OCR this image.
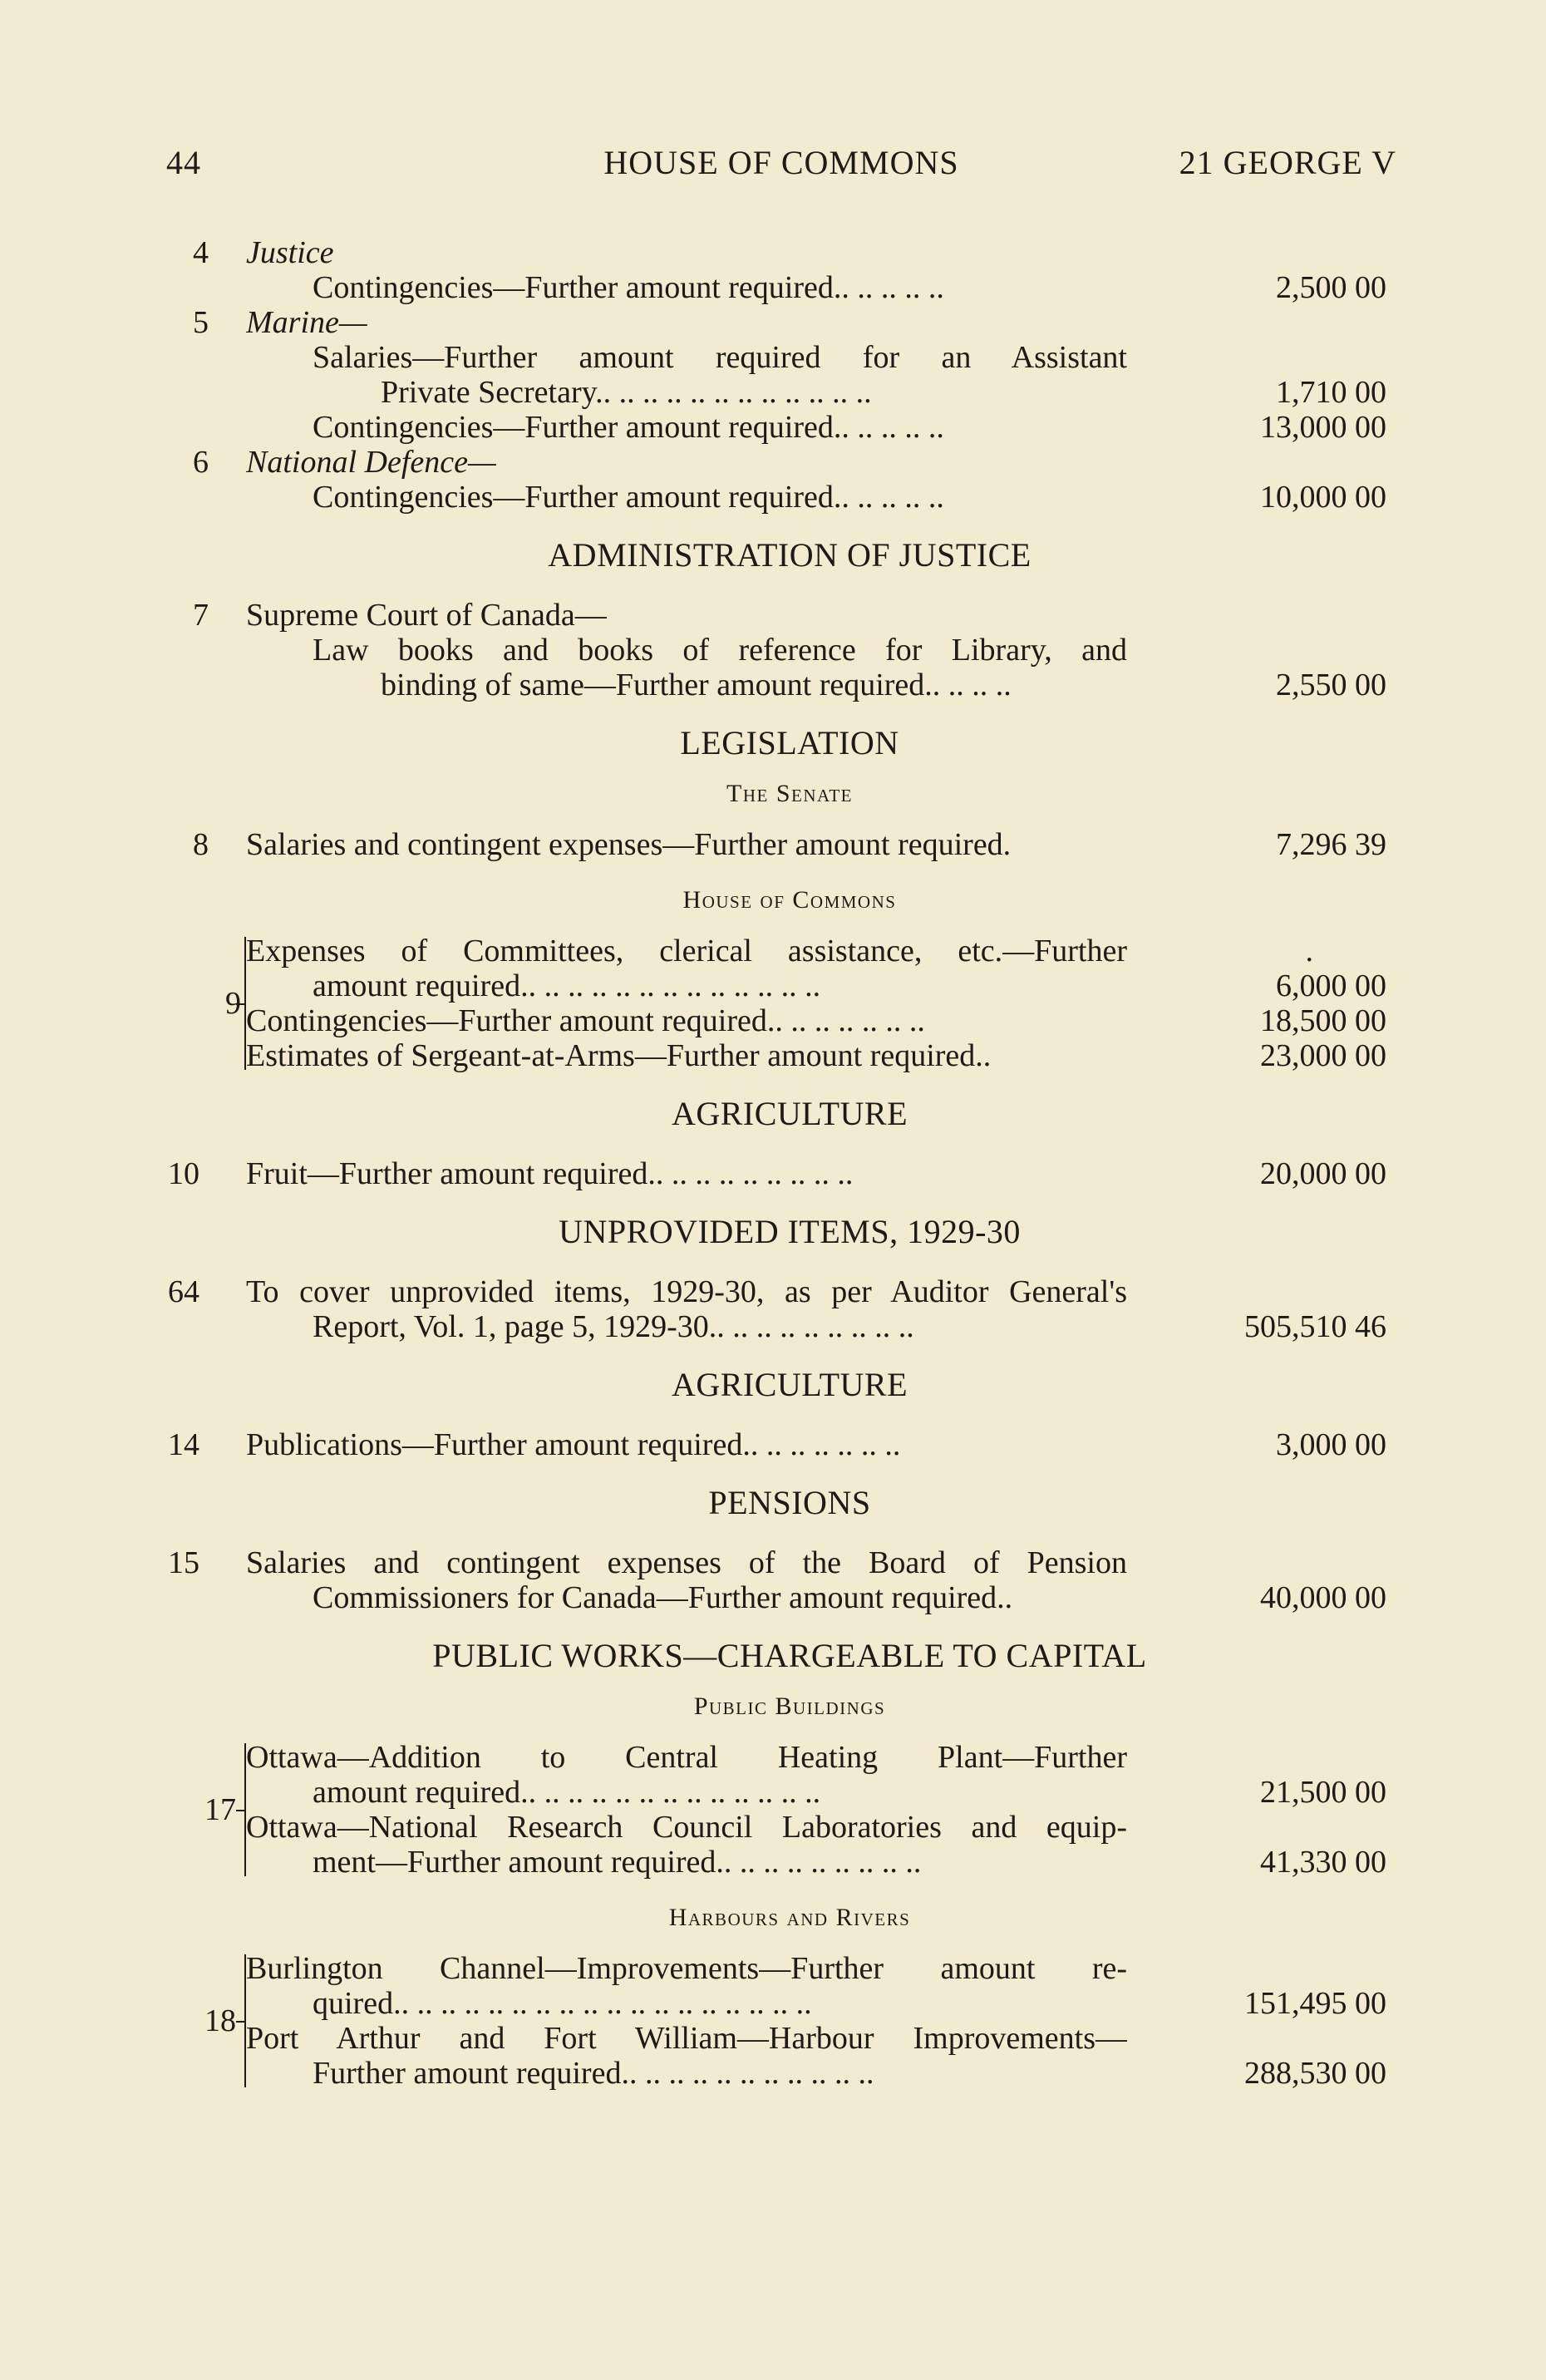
44	HOUSE OF COMMONS	21 GEORGE V
4	Justice
Contingencies—Further amount required.. .. .. .. ..	2,500 00
5	Marine—
Salaries—Further amount required for an Assistant
Private Secretary.. .. .. .. .. .. .. .. .. .. .. ..	1,710 00
Contingencies—Further amount required.. .. .. .. ..	13,000 00
6	National Defence—
Contingencies—Further amount required.. .. .. .. ..	10,000 00
ADMINISTRATION OF JUSTICE
7	Supreme Court of Canada—
Law books and books of reference for Library, and
binding of same—Further amount required.. .. .. ..	2,550 00
LEGISLATION
The Senate
8	Salaries and contingent expenses—Further amount required.	7,296 39
House of Commons
9
Expenses of Committees, clerical assistance, etc.—Further	.
amount required.. .. .. .. .. .. .. .. .. .. .. .. ..	6,000 00
Contingencies—Further amount required.. .. .. .. .. .. ..	18,500 00
Estimates of Sergeant-at-Arms—Further amount required..	23,000 00
AGRICULTURE
10	Fruit—Further amount required.. .. .. .. .. .. .. .. ..	20,000 00
UNPROVIDED ITEMS, 1929-30
64	To cover unprovided items, 1929-30, as per Auditor General's
Report, Vol. 1, page 5, 1929-30.. .. .. .. .. .. .. .. ..	505,510 46
AGRICULTURE
14	Publications—Further amount required.. .. .. .. .. .. ..	3,000 00
PENSIONS
15	Salaries and contingent expenses of the Board of Pension
Commissioners for Canada—Further amount required..	40,000 00
PUBLIC WORKS—CHARGEABLE TO CAPITAL
Public Buildings
17
Ottawa—Addition to Central Heating Plant—Further
amount required.. .. .. .. .. .. .. .. .. .. .. .. ..	21,500 00
Ottawa—National Research Council Laboratories and equip-
ment—Further amount required.. .. .. .. .. .. .. .. ..	41,330 00
Harbours and Rivers
18
Burlington Channel—Improvements—Further amount re-
quired.. .. .. .. .. .. .. .. .. .. .. .. .. .. .. .. .. ..	151,495 00
Port Arthur and Fort William—Harbour Improvements—
Further amount required.. .. .. .. .. .. .. .. .. .. ..	288,530 00
